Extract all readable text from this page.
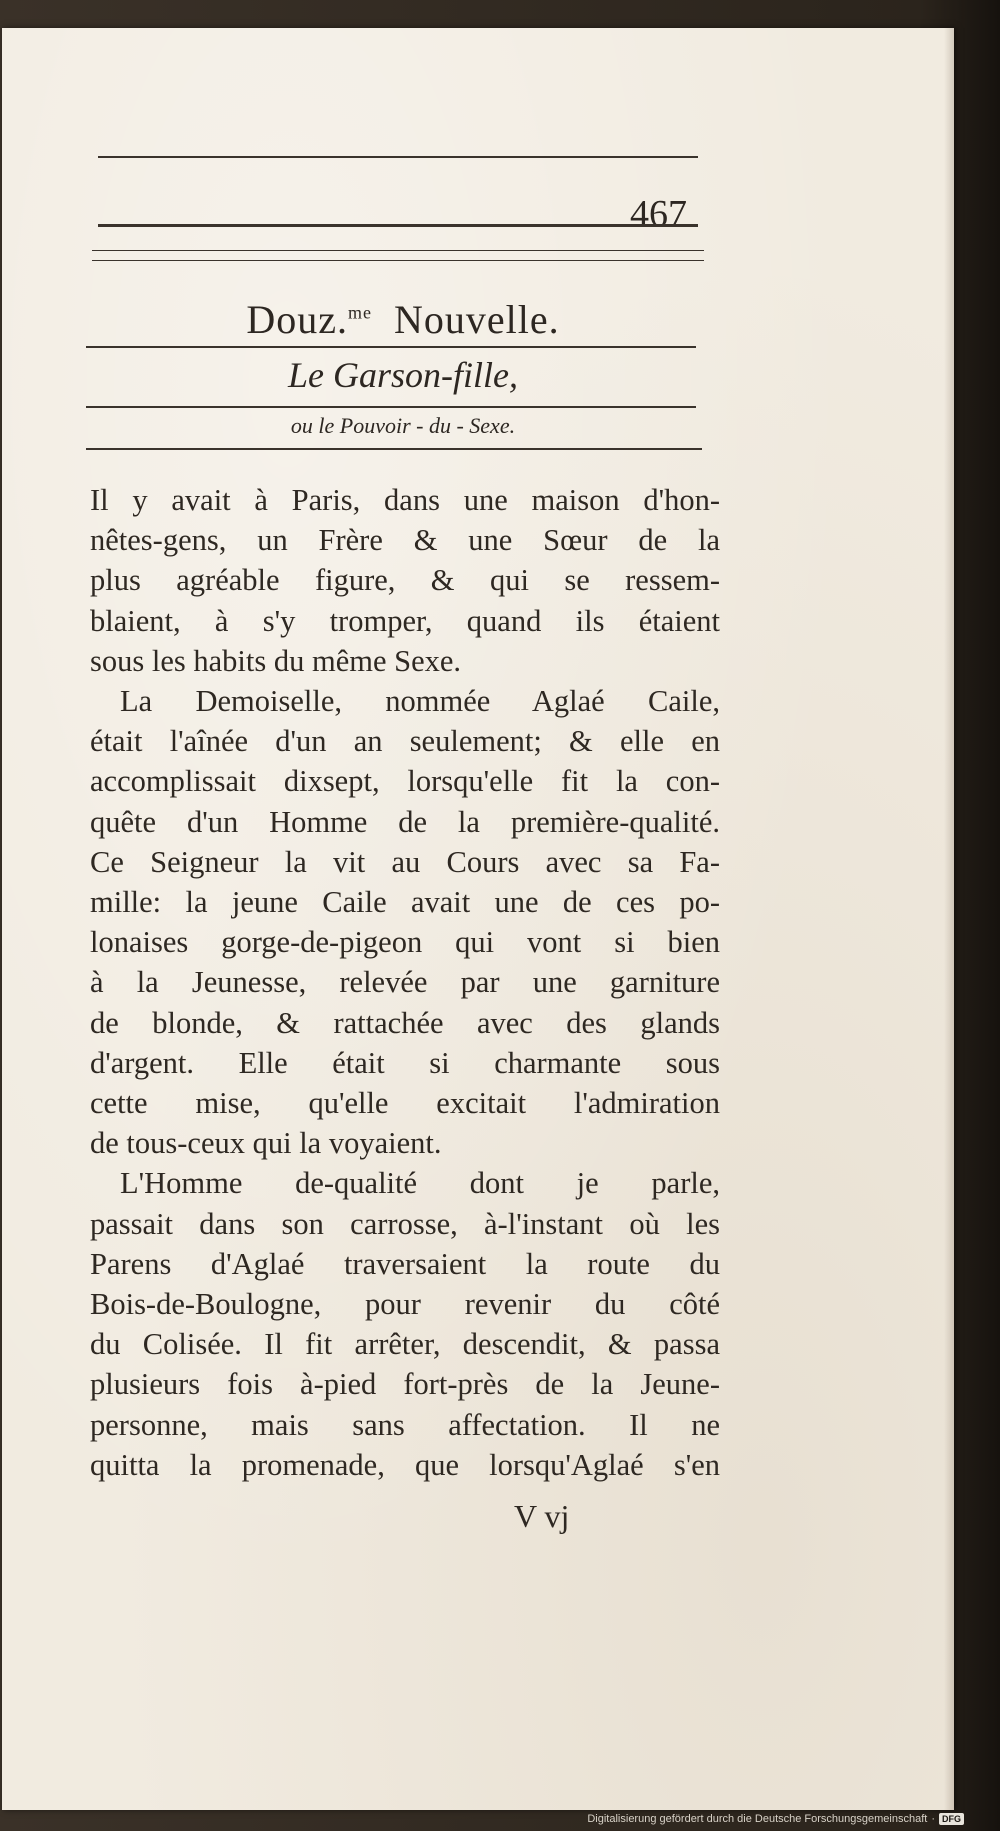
467
Douz.$^{me}$ Nouvelle.
Le Garson-fille,
ou le Pouvoir - du - Sexe.
Il y avait à Paris, dans une maison d'hon-
nêtes-gens, un Frère & une Sœur de la
plus agréable figure, & qui se ressem-
blaient, à s'y tromper, quand ils étaient
sous les habits du même Sexe.
La Demoiselle, nommée Aglaé Caile,
était l'aînée d'un an seulement; & elle en
accomplissait dixsept, lorsqu'elle fit la con-
quête d'un Homme de la première-qualité.
Ce Seigneur la vit au Cours avec sa Fa-
mille: la jeune Caile avait une de ces po-
lonaises gorge-de-pigeon qui vont si bien
à la Jeunesse, relevée par une garniture
de blonde, & rattachée avec des glands
d'argent. Elle était si charmante sous
cette mise, qu'elle excitait l'admiration
de tous-ceux qui la voyaient.
L'Homme de-qualité dont je parle,
passait dans son carrosse, à-l'instant où les
Parens d'Aglaé traversaient la route du
Bois-de-Boulogne, pour revenir du côté
du Colisée. Il fit arrêter, descendit, & passa
plusieurs fois à-pied fort-près de la Jeune-
personne, mais sans affectation. Il ne
quitta la promenade, que lorsqu'Aglaé s'en
V vj
Digitalisierung gefördert durch die Deutsche Forschungsgemeinschaft · DFG
